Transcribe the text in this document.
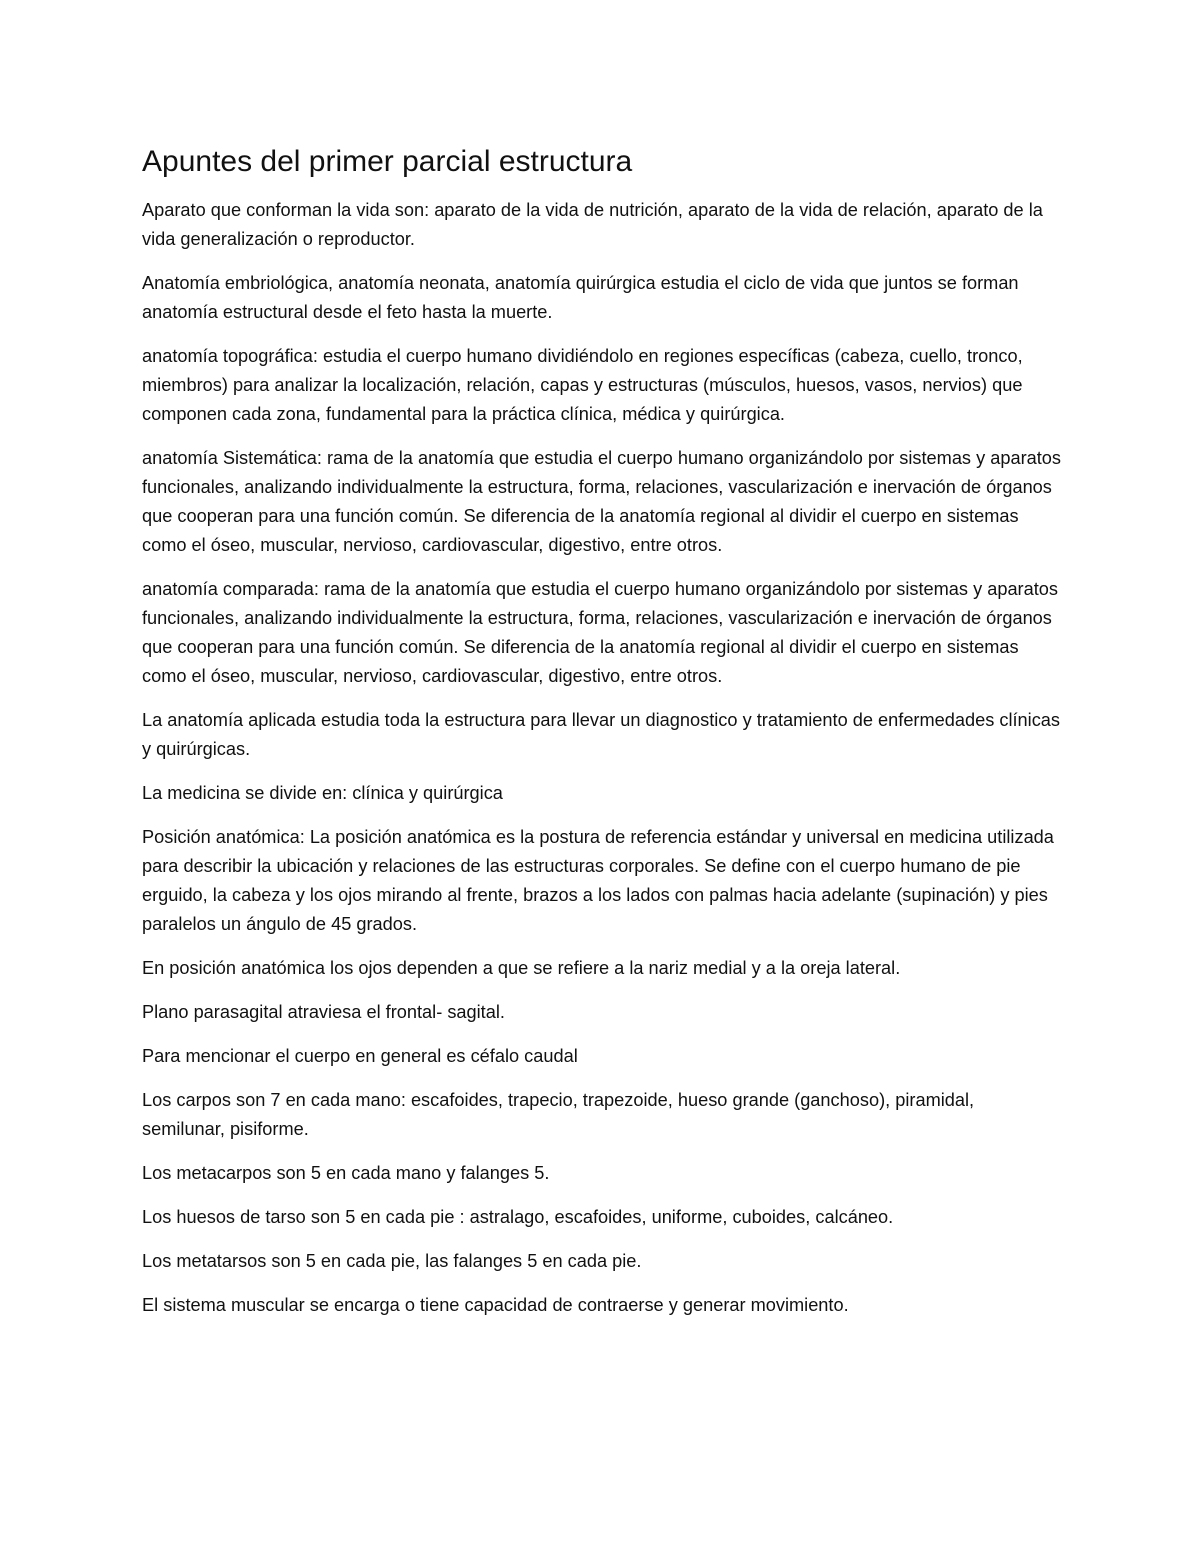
Apuntes del primer parcial estructura

Aparato que conforman la vida son: aparato de la vida de nutrición, aparato de la vida de relación, aparato de la vida generalización o reproductor.

Anatomía embriológica, anatomía neonata, anatomía quirúrgica estudia el ciclo de vida que juntos se forman anatomía estructural desde el feto hasta la muerte.

anatomía topográfica: estudia el cuerpo humano dividiéndolo en regiones específicas (cabeza, cuello, tronco, miembros) para analizar la localización, relación, capas y estructuras (músculos, huesos, vasos, nervios) que componen cada zona, fundamental para la práctica clínica, médica y quirúrgica.

anatomía Sistemática: rama de la anatomía que estudia el cuerpo humano organizándolo por sistemas y aparatos funcionales, analizando individualmente la estructura, forma, relaciones, vascularización e inervación de órganos que cooperan para una función común. Se diferencia de la anatomía regional al dividir el cuerpo en sistemas como el óseo, muscular, nervioso, cardiovascular, digestivo, entre otros.

anatomía comparada: rama de la anatomía que estudia el cuerpo humano organizándolo por sistemas y aparatos funcionales, analizando individualmente la estructura, forma, relaciones, vascularización e inervación de órganos que cooperan para una función común. Se diferencia de la anatomía regional al dividir el cuerpo en sistemas como el óseo, muscular, nervioso, cardiovascular, digestivo, entre otros.

La anatomía aplicada estudia toda la estructura para llevar un diagnostico y tratamiento de enfermedades clínicas y quirúrgicas.

La medicina se divide en: clínica y quirúrgica

Posición anatómica: La posición anatómica es la postura de referencia estándar y universal en medicina utilizada para describir la ubicación y relaciones de las estructuras corporales. Se define con el cuerpo humano de pie erguido, la cabeza y los ojos mirando al frente, brazos a los lados con palmas hacia adelante (supinación) y pies paralelos un ángulo de 45 grados.

En posición anatómica los ojos dependen a que se refiere a la nariz medial y a la oreja lateral.

Plano parasagital atraviesa el frontal- sagital.

Para mencionar el cuerpo en general es céfalo caudal

Los carpos son 7 en cada mano: escafoides, trapecio, trapezoide, hueso grande (ganchoso), piramidal, semilunar, pisiforme.

Los metacarpos son 5 en cada mano y falanges 5.

Los huesos de tarso son 5 en cada pie : astralago, escafoides, uniforme, cuboides, calcáneo.

Los metatarsos son 5 en cada pie, las falanges 5 en cada pie.

El sistema muscular se encarga o tiene capacidad de contraerse y generar movimiento.
